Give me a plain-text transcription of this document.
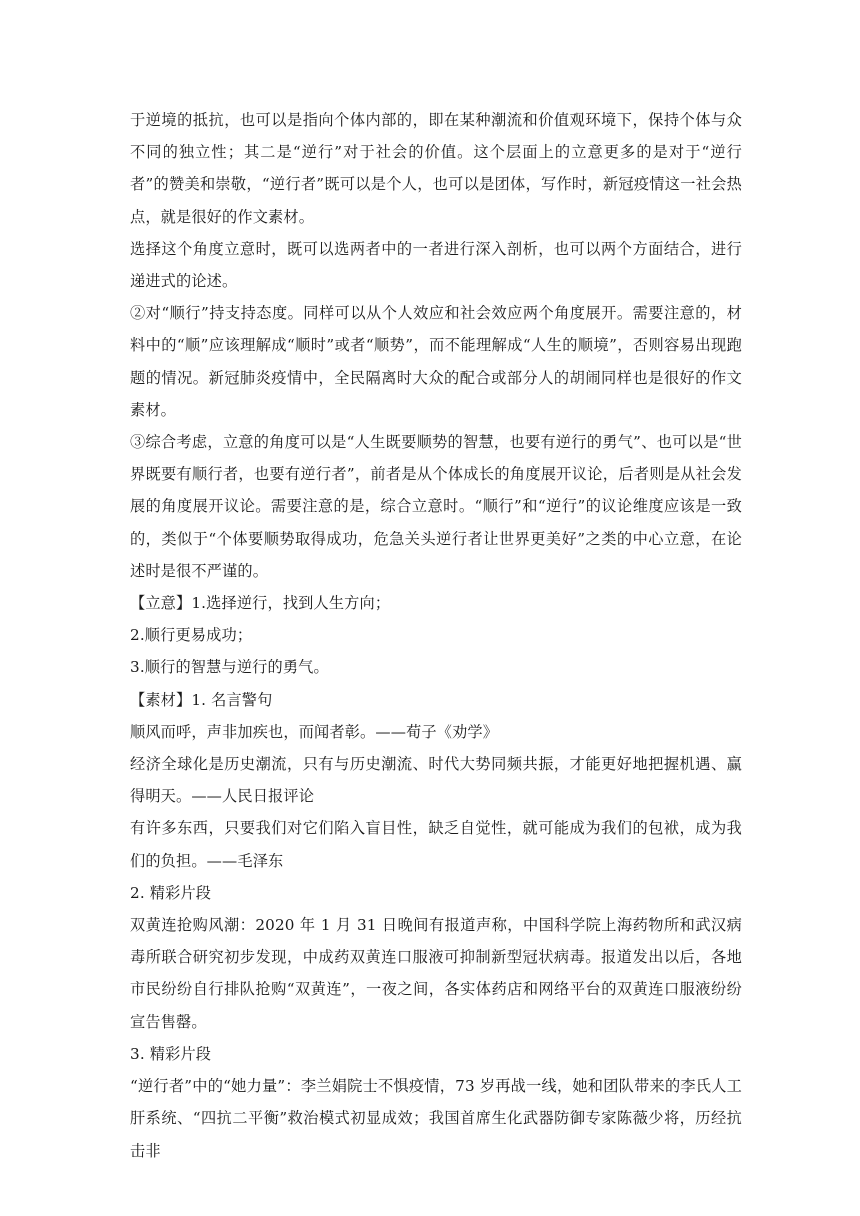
于逆境的抵抗，也可以是指向个体内部的，即在某种潮流和价值观环境下，保持个体与众不同的独立性；其二是“逆行”对于社会的价值。这个层面上的立意更多的是对于“逆行者”的赞美和崇敬，“逆行者”既可以是个人，也可以是团体，写作时，新冠疫情这一社会热点，就是很好的作文素材。

选择这个角度立意时，既可以选两者中的一者进行深入剖析，也可以两个方面结合，进行递进式的论述。

②对“顺行”持支持态度。同样可以从个人效应和社会效应两个角度展开。需要注意的，材料中的“顺”应该理解成“顺时”或者“顺势”，而不能理解成“人生的顺境”，否则容易出现跑题的情况。新冠肺炎疫情中，全民隔离时大众的配合或部分人的胡闹同样也是很好的作文素材。

③综合考虑，立意的角度可以是“人生既要顺势的智慧，也要有逆行的勇气”、也可以是“世界既要有顺行者，也要有逆行者”，前者是从个体成长的角度展开议论，后者则是从社会发展的角度展开议论。需要注意的是，综合立意时。“顺行”和“逆行”的议论维度应该是一致的，类似于“个体要顺势取得成功，危急关头逆行者让世界更美好”之类的中心立意，在论述时是很不严谨的。

【立意】1.选择逆行，找到人生方向；

2.顺行更易成功；

3.顺行的智慧与逆行的勇气。

【素材】1. 名言警句

顺风而呼，声非加疾也，而闻者彰。——荀子《劝学》

经济全球化是历史潮流，只有与历史潮流、时代大势同频共振，才能更好地把握机遇、赢得明天。——人民日报评论

有许多东西，只要我们对它们陷入盲目性，缺乏自觉性，就可能成为我们的包袱，成为我们的负担。——毛泽东

2. 精彩片段

双黄连抢购风潮：2020 年 1 月 31 日晚间有报道声称，中国科学院上海药物所和武汉病毒所联合研究初步发现，中成药双黄连口服液可抑制新型冠状病毒。报道发出以后，各地市民纷纷自行排队抢购“双黄连”，一夜之间，各实体药店和网络平台的双黄连口服液纷纷宣告售罄。

3. 精彩片段

“逆行者”中的“她力量”：李兰娟院士不惧疫情，73 岁再战一线，她和团队带来的李氏人工肝系统、“四抗二平衡”救治模式初显成效；我国首席生化武器防御专家陈薇少将，历经抗击非
